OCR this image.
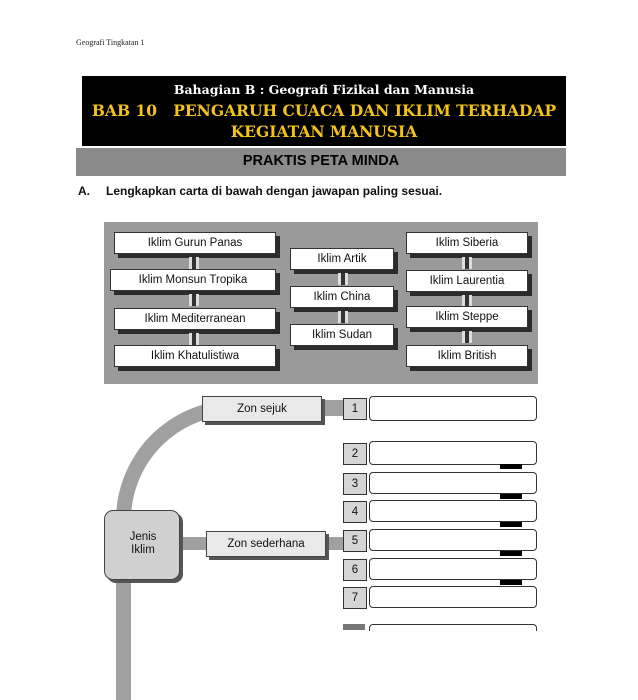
Geografi Tingkatan 1
Bahagian B : Geografi Fizikal dan Manusia
BAB 10   PENGARUH CUACA DAN IKLIM TERHADAP
KEGIATAN MANUSIA
PRAKTIS PETA MINDA
A. Lengkapkan carta di bawah dengan jawapan paling sesuai.
Iklim Gurun Panas
Iklim Monsun Tropika
Iklim Mediterranean
Iklim Khatulistiwa
Iklim Artik
Iklim China
Iklim Sudan
Iklim Siberia
Iklim Laurentia
Iklim Steppe
Iklim British
Zon sejuk
Zon sederhana
Jenis
Iklim
1
2
3
4
5
6
7
